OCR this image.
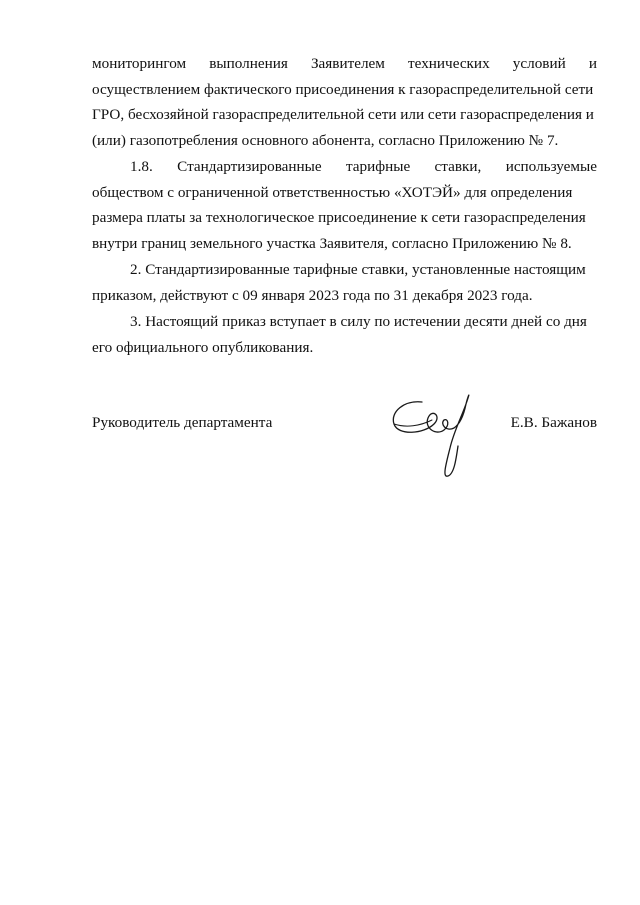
мониторингом выполнения Заявителем технических условий и
осуществлением фактического присоединения к газораспределительной сети
ГРО, бесхозяйной газораспределительной сети или сети газораспределения и
(или) газопотребления основного абонента, согласно Приложению № 7.
1.8. Стандартизированные тарифные ставки, используемые
обществом с ограниченной ответственностью «ХОТЭЙ» для определения
размера платы за технологическое присоединение к сети газораспределения
внутри границ земельного участка Заявителя, согласно Приложению № 8.
2. Стандартизированные тарифные ставки, установленные настоящим
приказом, действуют с 09 января 2023 года по 31 декабря 2023 года.
3. Настоящий приказ вступает в силу по истечении десяти дней со дня
его официального опубликования.
Руководитель департамента	Е.В. Бажанов
